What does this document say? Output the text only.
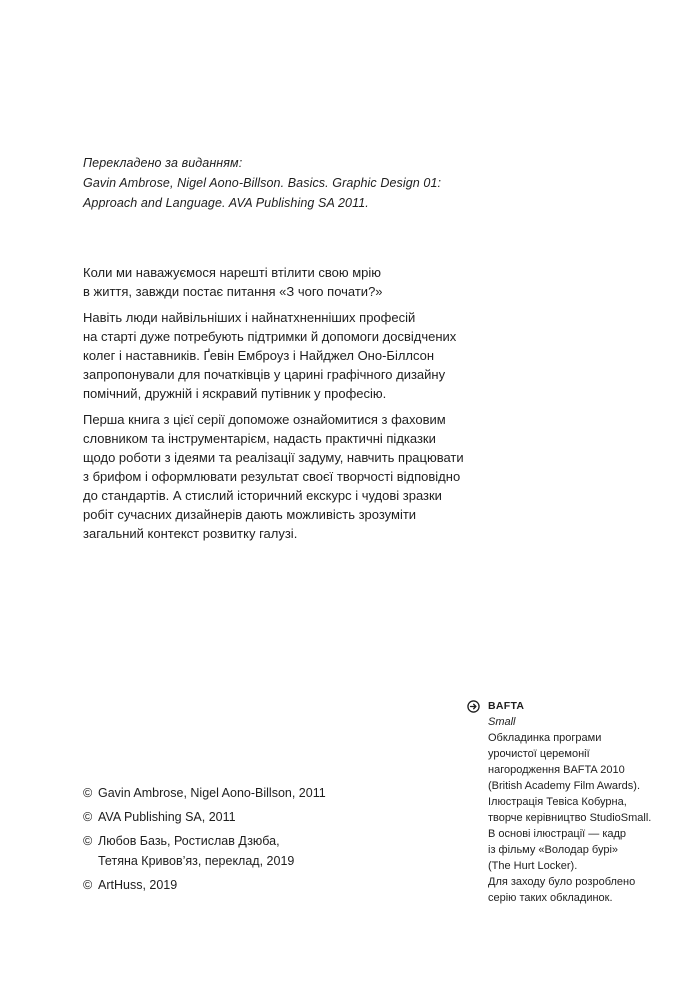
Перекладено за виданням:
Gavin Ambrose, Nigel Aono-Billson. Basics. Graphic Design 01:
Approach and Language. AVA Publishing SA 2011.

Коли ми наважуємося нарешті втілити свою мрію
в життя, завжди постає питання «З чого почати?»

Навіть люди найвільніших і найнатхненніших професій
на старті дуже потребують підтримки й допомоги досвідчених
колег і наставників. Ґевін Емброуз і Найджел Оно-Біллсон
запропонували для початківців у царині графічного дизайну
помічний, дружній і яскравий путівник у професію.

Перша книга з цієї серії допоможе ознайомитися з фаховим
словником та інструментарієм, надасть практичні підказки
щодо роботи з ідеями та реалізації задуму, навчить працювати
з брифом і оформлювати результат своєї творчості відповідно
до стандартів. А стислий історичний екскурс і чудові зразки
робіт сучасних дизайнерів дають можливість зрозуміти
загальний контекст розвитку галузі.

© Gavin Ambrose, Nigel Aono-Billson, 2011
© AVA Publishing SA, 2011
© Любов Базь, Ростислав Дзюба,
Тетяна Кривов’яз, переклад, 2019
© ArtHuss, 2019
BAFTA
Small
Обкладинка програми
урочистої церемонії
нагородження BAFTA 2010
(British Academy Film Awards).
Ілюстрація Тевіса Кобурна,
творче керівництво StudioSmall.
В основі ілюстрації — кадр
із фільму «Володар бурі»
(The Hurt Locker).
Для заходу було розроблено
серію таких обкладинок.
